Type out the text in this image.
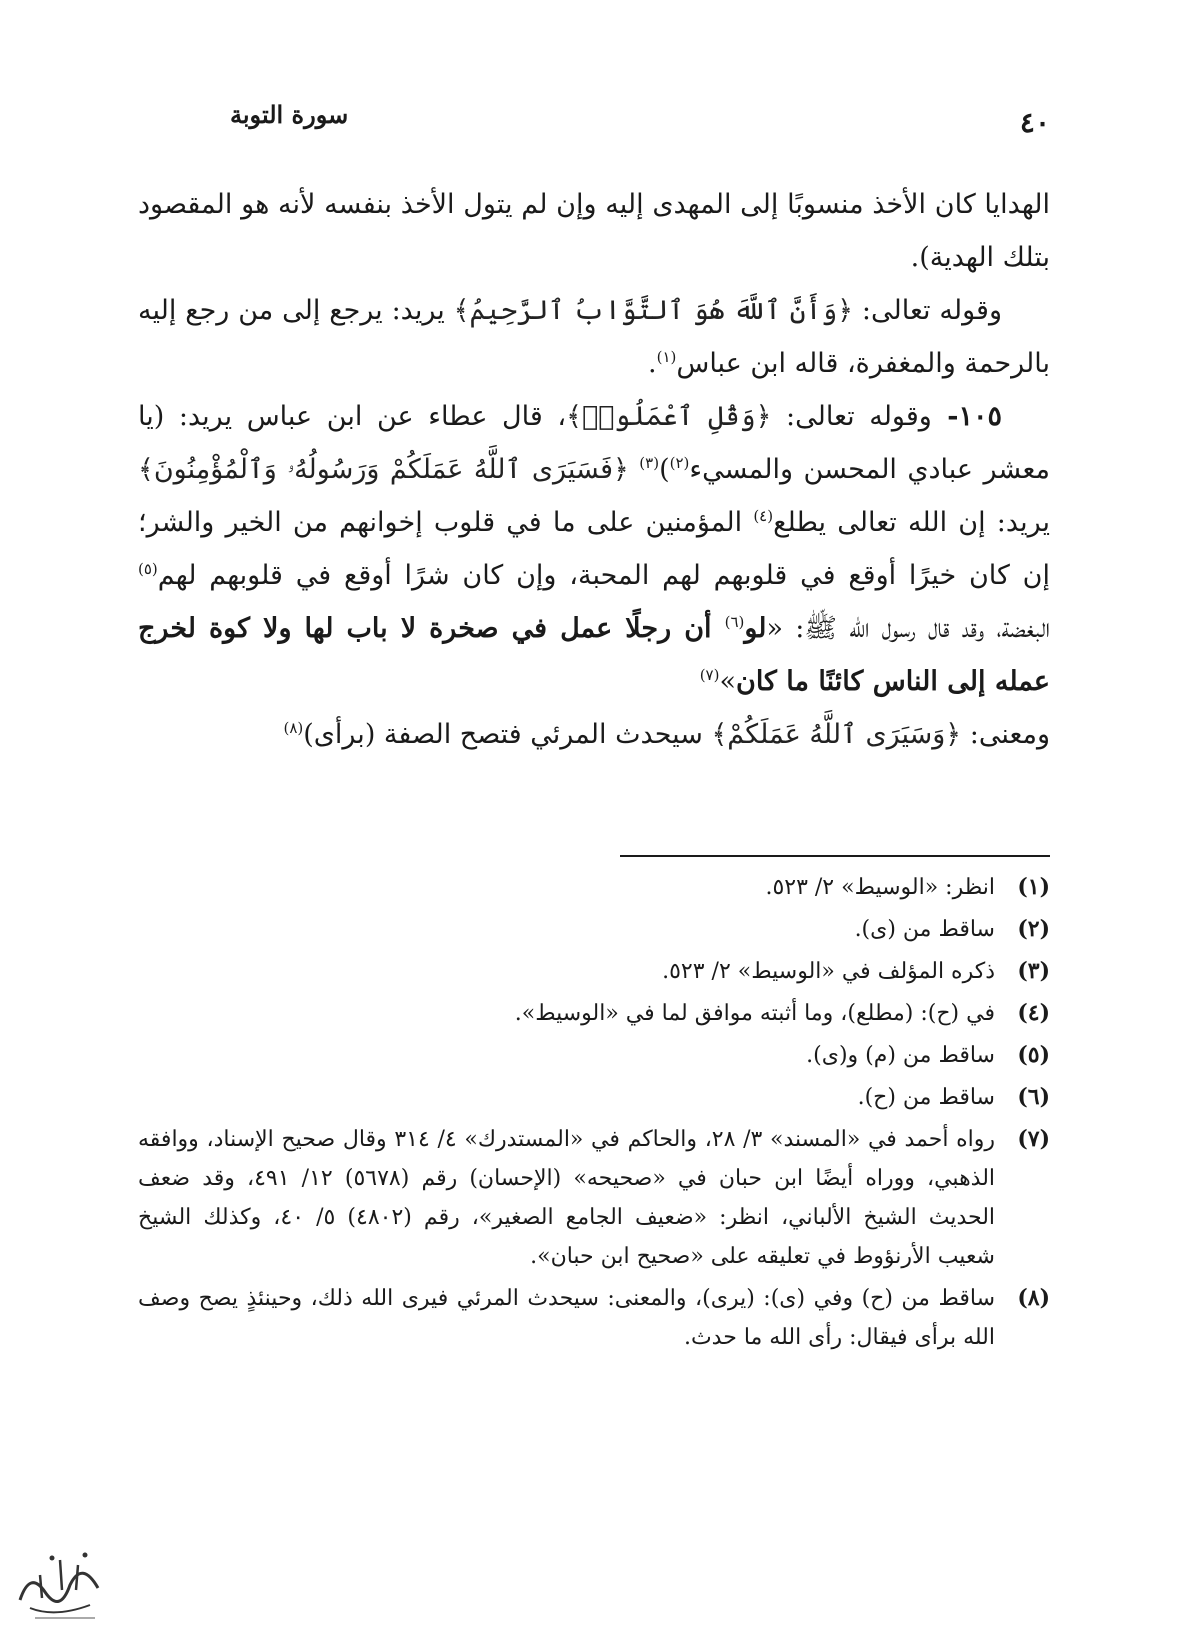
٤٠
سورة التوبة

الهدايا كان الأخذ منسوبًا إلى المهدى إليه وإن لم يتول الأخذ بنفسه لأنه هو المقصود بتلك الهدية).

وقوله تعالى: ﴿وَأَنَّ ٱللَّهَ هُوَ ٱلتَّوَّابُ ٱلرَّحِيمُ﴾ يريد: يرجع إلى من رجع إليه بالرحمة والمغفرة، قاله ابن عباس$^{(١)}$.

١٠٥- وقوله تعالى: ﴿وَقُلِ ٱعْمَلُوا۟﴾، قال عطاء عن ابن عباس يريد: (يا معشر عبادي المحسن والمسيء$^{(٢)}$)$^{(٣)}$ ﴿فَسَيَرَى ٱللَّهُ عَمَلَكُمْ وَرَسُولُهُۥ وَٱلْمُؤْمِنُونَ﴾ يريد: إن الله تعالى يطلع$^{(٤)}$ المؤمنين على ما في قلوب إخوانهم من الخير والشر؛ إن كان خيرًا أوقع في قلوبهم لهم المحبة، وإن كان شرًا أوقع في قلوبهم لهم$^{(٥)}$ البغضة، وقد قال رسول الله ﷺ: «لو$^{(٦)}$ أن رجلًا عمل في صخرة لا باب لها ولا كوة لخرج عمله إلى الناس كائنًا ما كان»$^{(٧)}$

ومعنى: ﴿وَسَيَرَى ٱللَّهُ عَمَلَكُمْ﴾ سيحدث المرئي فتصح الصفة (برأى)$^{(٨)}$

(١)
انظر: «الوسيط» ٢/ ٥٢٣.
(٢)
ساقط من (ى).
(٣)
ذكره المؤلف في «الوسيط» ٢/ ٥٢٣.
(٤)
في (ح): (مطلع)، وما أثبته موافق لما في «الوسيط».
(٥)
ساقط من (م) و(ى).
(٦)
ساقط من (ح).
(٧)
رواه أحمد في «المسند» ٣/ ٢٨، والحاكم في «المستدرك» ٤/ ٣١٤ وقال صحيح الإسناد، ووافقه الذهبي، ووراه أيضًا ابن حبان في «صحيحه» (الإحسان) رقم (٥٦٧٨) ١٢/ ٤٩١، وقد ضعف الحديث الشيخ الألباني، انظر: «ضعيف الجامع الصغير»، رقم (٤٨٠٢) ٥/ ٤٠، وكذلك الشيخ شعيب الأرنؤوط في تعليقه على «صحيح ابن حبان».
(٨)
ساقط من (ح) وفي (ى): (يرى)، والمعنى: سيحدث المرئي فيرى الله ذلك، وحينئذٍ يصح وصف الله برأى فيقال: رأى الله ما حدث.
